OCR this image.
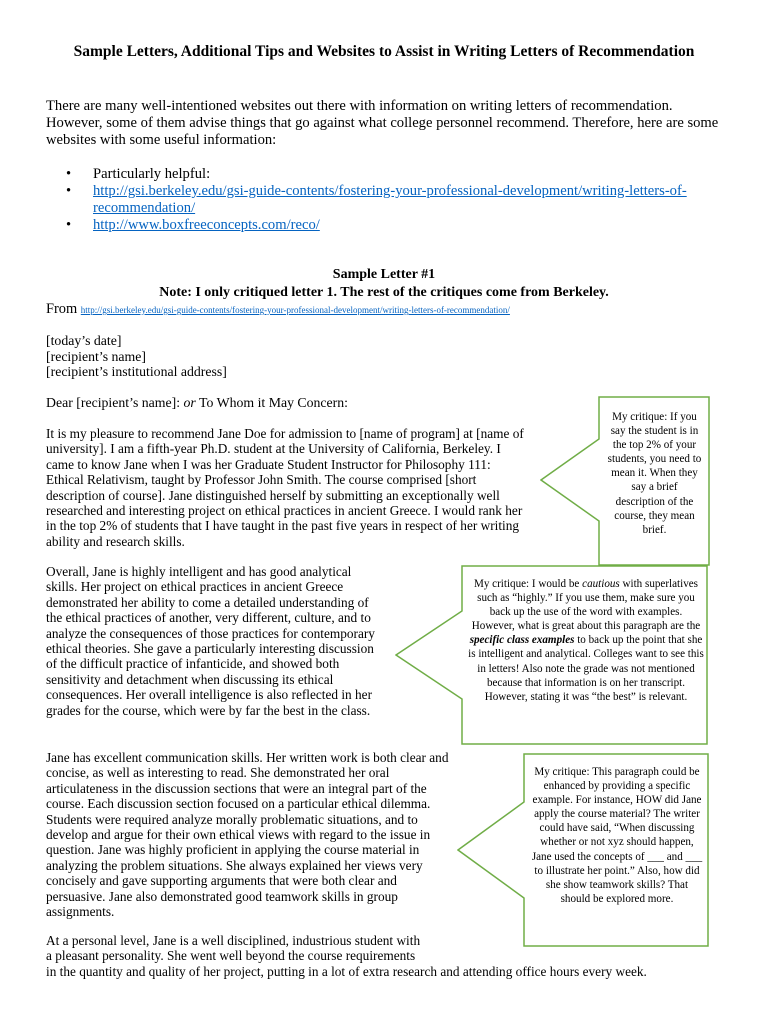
Sample Letters, Additional Tips and Websites to Assist in Writing Letters of Recommendation
There are many well-intentioned websites out there with information on writing letters of recommendation. However, some of them advise things that go against what college personnel recommend. Therefore, here are some websites with some useful information:
• Particularly helpful:
• http://gsi.berkeley.edu/gsi-guide-contents/fostering-your-professional-development/writing-letters-of-recommendation/
• http://www.boxfreeconcepts.com/reco/
Sample Letter #1
Note: I only critiqued letter 1. The rest of the critiques come from Berkeley.
From http://gsi.berkeley.edu/gsi-guide-contents/fostering-your-professional-development/writing-letters-of-recommendation/
[today’s date]
[recipient’s name]
[recipient’s institutional address]
Dear [recipient’s name]: or To Whom it May Concern:

It is my pleasure to recommend Jane Doe for admission to [name of program] at [name of university]. I am a fifth-year Ph.D. student at the University of California, Berkeley. I came to know Jane when I was her Graduate Student Instructor for Philosophy 111: Ethical Relativism, taught by Professor John Smith. The course comprised [short description of course]. Jane distinguished herself by submitting an exceptionally well researched and interesting project on ethical practices in ancient Greece. I would rank her in the top 2% of students that I have taught in the past five years in respect of her writing ability and research skills.

Overall, Jane is highly intelligent and has good analytical skills. Her project on ethical practices in ancient Greece demonstrated her ability to come a detailed understanding of the ethical practices of another, very different, culture, and to analyze the consequences of those practices for contemporary ethical theories. She gave a particularly interesting discussion of the difficult practice of infanticide, and showed both sensitivity and detachment when discussing its ethical consequences. Her overall intelligence is also reflected in her grades for the course, which were by far the best in the class.

Jane has excellent communication skills. Her written work is both clear and concise, as well as interesting to read. She demonstrated her oral articulateness in the discussion sections that were an integral part of the course. Each discussion section focused on a particular ethical dilemma. Students were required analyze morally problematic situations, and to develop and argue for their own ethical views with regard to the issue in question. Jane was highly proficient in applying the course material in analyzing the problem situations. She always explained her views very concisely and gave supporting arguments that were both clear and persuasive. Jane also demonstrated good teamwork skills in group assignments.

At a personal level, Jane is a well disciplined, industrious student with
a pleasant personality. She went well beyond the course requirements
in the quantity and quality of her project, putting in a lot of extra research and attending office hours every week.

My critique: If you say the student is in the top 2% of your students, you need to mean it. When they say a brief description of the course, they mean brief.

My critique: I would be cautious with superlatives such as “highly.” If you use them, make sure you back up the use of the word with examples. However, what is great about this paragraph are the specific class examples to back up the point that she is intelligent and analytical. Colleges want to see this in letters! Also note the grade was not mentioned because that information is on her transcript. However, stating it was “the best” is relevant.

My critique: This paragraph could be enhanced by providing a specific example. For instance, HOW did Jane apply the course material? The writer could have said, “When discussing whether or not xyz should happen, Jane used the concepts of ___ and ___ to illustrate her point.” Also, how did she show teamwork skills? That should be explored more.
